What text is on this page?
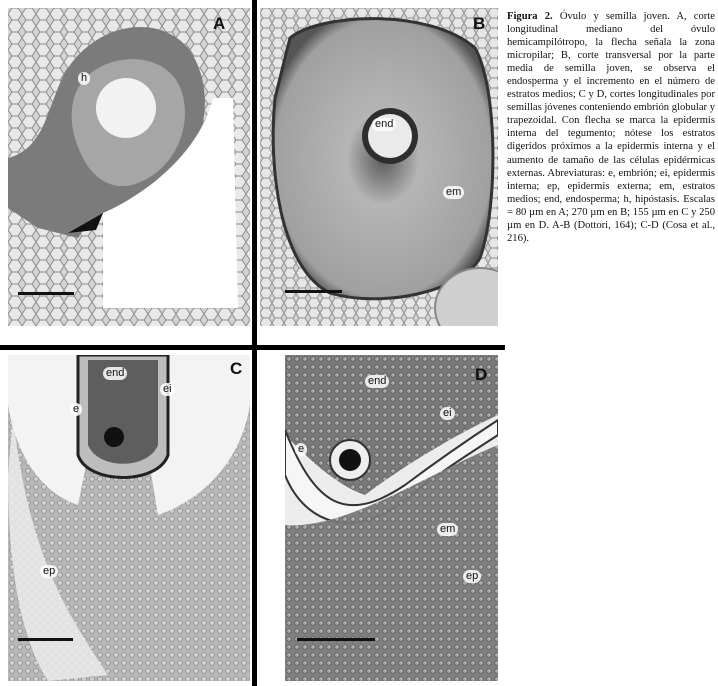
A
h
B
end
em
C
end
ei
e
ep
D
end
ei
e
em
ep
Figura 2. Óvulo y semilla joven. A, corte longitudinal mediano del óvulo hemicampilótropo, la flecha señala la zona micropilar; B, corte transversal por la parte media de semilla joven, se observa el endosperma y el incremento en el número de estratos medios; C y D, cortes longitudinales por semillas jóvenes conteniendo embrión globular y trapezoidal. Con flecha se marca la epidermis interna del tegumento; nótese los estratos digeridos próximos a la epidermis interna y el aumento de tamaño de las células epidérmicas externas. Abreviaturas: e, embrión; ei, epidermis interna; ep, epidermis externa; em, estratos medios; end, endosperma; h, hipóstasis. Escalas = 80 µm en A; 270 µm en B; 155 µm en C y 250 µm en D. A-B (Dottori, 164); C-D (Cosa et al., 216).
